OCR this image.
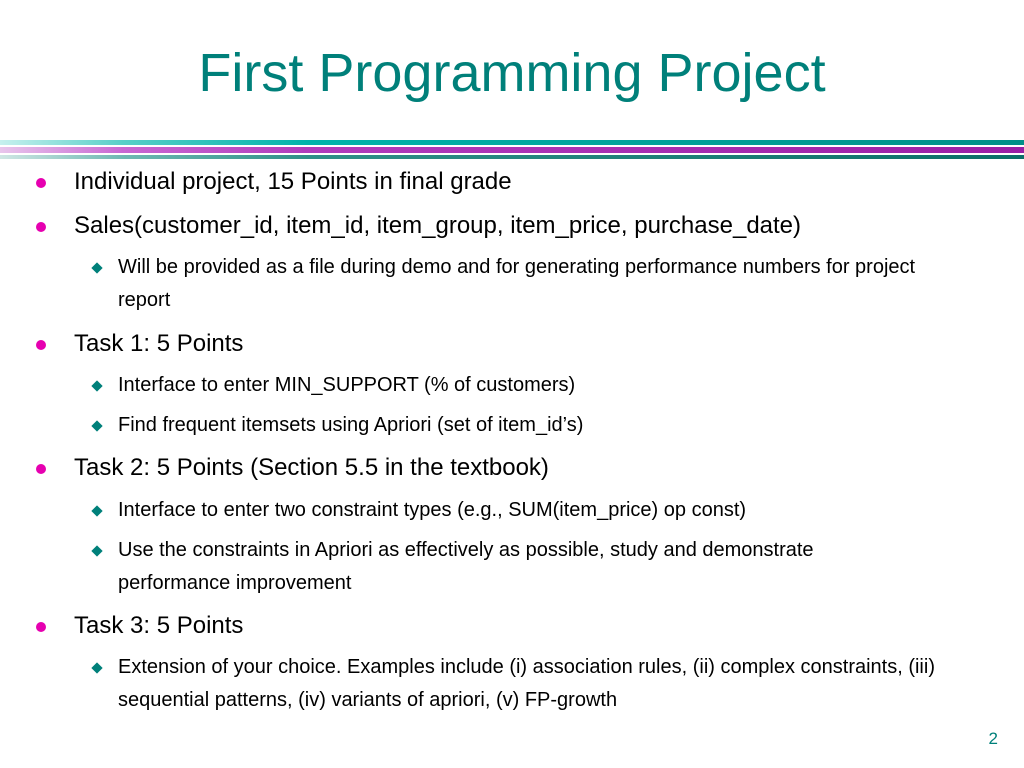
First Programming Project
Individual project, 15 Points in final grade
Sales(customer_id, item_id, item_group, item_price, purchase_date)
Will be provided as a file during demo and for generating performance numbers for project report
Task 1: 5 Points
Interface to enter MIN_SUPPORT (% of customers)
Find frequent itemsets using Apriori (set of item_id’s)
Task 2: 5 Points (Section 5.5 in the textbook)
Interface to enter two constraint types (e.g., SUM(item_price) op const)
Use the constraints in Apriori as effectively as possible, study and demonstrate performance improvement
Task 3: 5 Points
Extension of your choice. Examples include (i) association rules, (ii) complex constraints, (iii) sequential patterns, (iv) variants of apriori, (v) FP-growth
2
